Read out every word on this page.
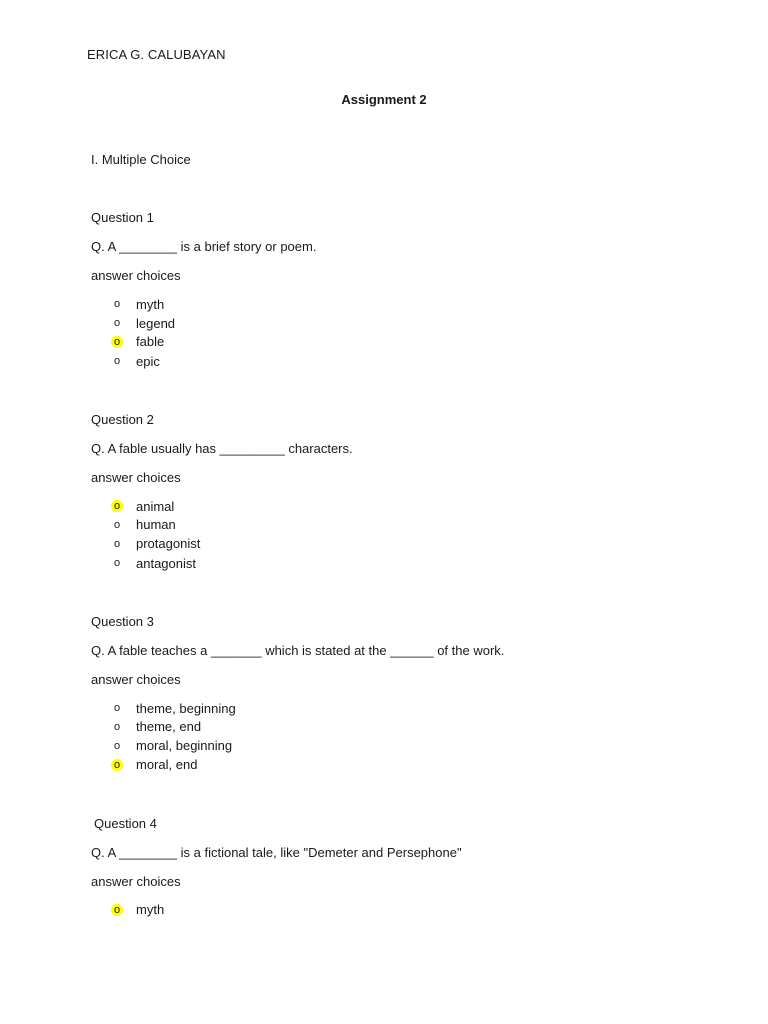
ERICA G. CALUBAYAN
Assignment 2
I. Multiple Choice
Question 1
Q. A ________ is a brief story or poem.
answer choices
o myth
o legend
o fable
o epic
Question 2
Q. A fable usually has _________ characters.
answer choices
o animal
o human
o protagonist
o antagonist
Question 3
Q. A fable teaches a _______ which is stated at the ______ of the work.
answer choices
o theme, beginning
o theme, end
o moral, beginning
o moral, end
Question 4
Q. A ________ is a fictional tale, like "Demeter and Persephone"
answer choices
o myth
